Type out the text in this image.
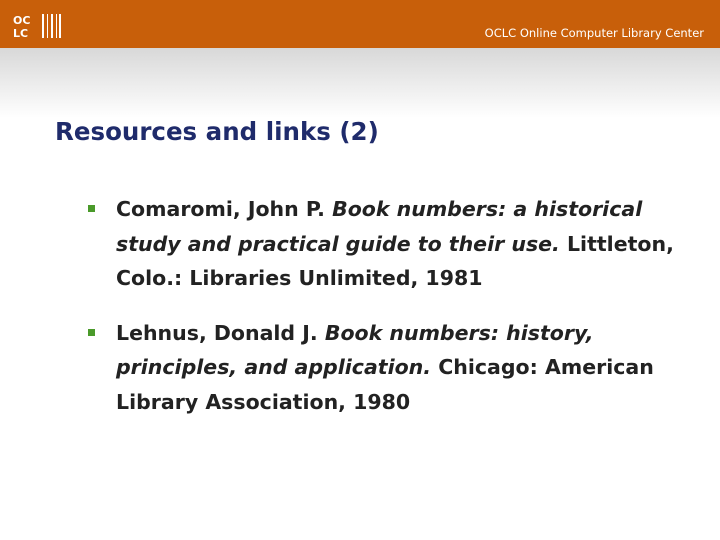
OC
LC	OCLC Online Computer Library Center
Resources and links (2)
Comaromi, John P. Book numbers: a historical study and practical guide to their use. Littleton, Colo.: Libraries Unlimited, 1981
Lehnus, Donald J. Book numbers: history, principles, and application. Chicago: American Library Association, 1980
